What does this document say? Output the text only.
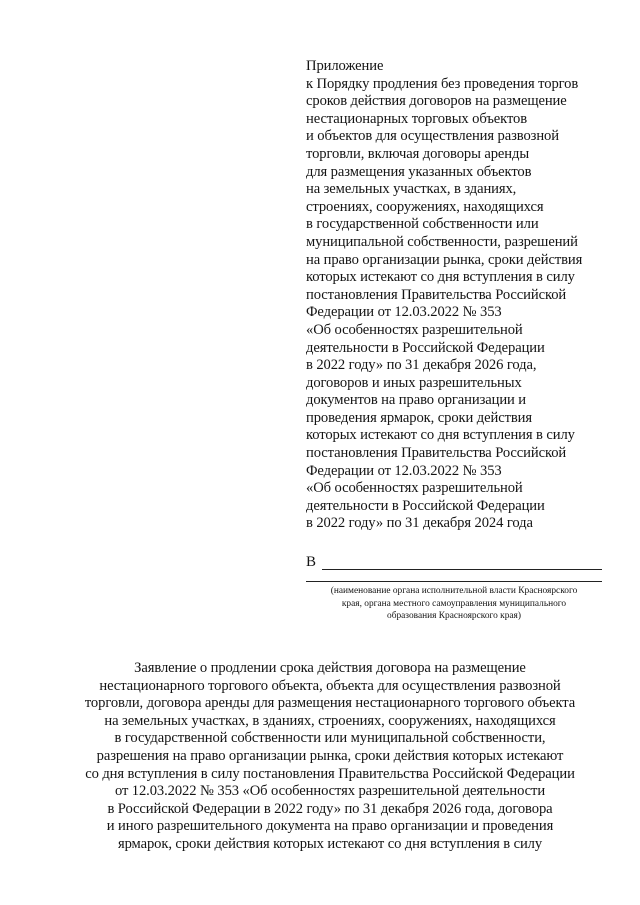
Приложение
к Порядку продления без проведения торгов
сроков действия договоров на размещение
нестационарных торговых объектов
и объектов для осуществления развозной
торговли, включая договоры аренды
для размещения указанных объектов
на земельных участках, в зданиях,
строениях, сооружениях, находящихся
в государственной собственности или
муниципальной собственности, разрешений
на право организации рынка, сроки действия
которых истекают со дня вступления в силу
постановления Правительства Российской
Федерации от 12.03.2022 № 353
«Об особенностях разрешительной
деятельности в Российской Федерации
в 2022 году» по 31 декабря 2026 года,
договоров и иных разрешительных
документов на право организации и
проведения ярмарок, сроки действия
которых истекают со дня вступления в силу
постановления Правительства Российской
Федерации от 12.03.2022 № 353
«Об особенностях разрешительной
деятельности в Российской Федерации
в 2022 году» по 31 декабря 2024 года
В
(наименование органа исполнительной власти Красноярского
края, органа местного самоуправления муниципального
образования Красноярского края)
Заявление о продлении срока действия договора на размещение
нестационарного торгового объекта, объекта для осуществления развозной
торговли, договора аренды для размещения нестационарного торгового объекта
на земельных участках, в зданиях, строениях, сооружениях, находящихся
в государственной собственности или муниципальной собственности,
разрешения на право организации рынка, сроки действия которых истекают
со дня вступления в силу постановления Правительства Российской Федерации
от 12.03.2022 № 353 «Об особенностях разрешительной деятельности
в Российской Федерации в 2022 году» по 31 декабря 2026 года, договора
и иного разрешительного документа на право организации и проведения
ярмарок, сроки действия которых истекают со дня вступления в силу
